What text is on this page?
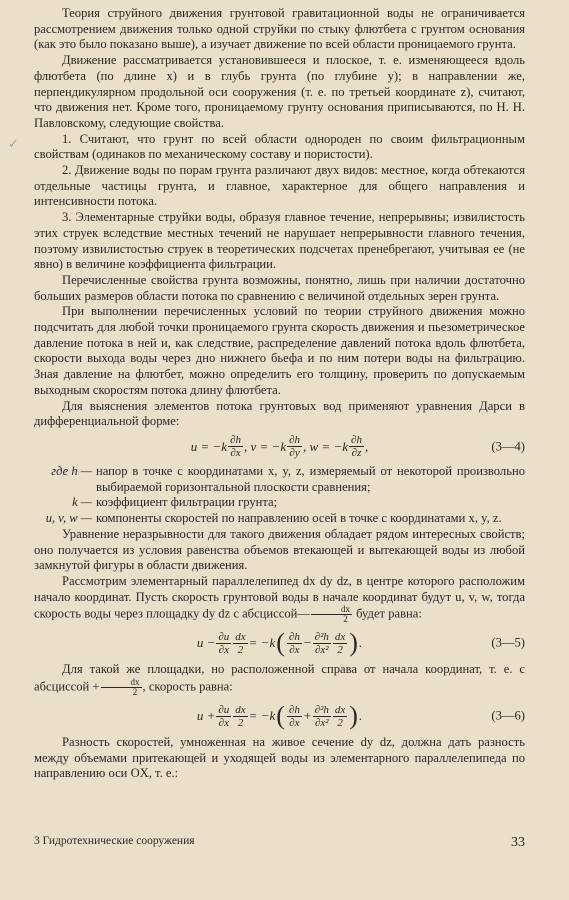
✓

Теория струйного движения грунтовой гравитационной воды не ограничивается рассмотрением движения только одной струйки по стыку флютбета с грунтом основания (как это было показано выше), а изучает движение по всей области проницаемого грунта.

Движение рассматривается установившееся и плоское, т. е. изменяющееся вдоль флютбета (по длине x) и в глубь грунта (по глубине y); в направлении же, перпендикулярном продольной оси сооружения (т. е. по третьей координате z), считают, что движения нет. Кроме того, проницаемому грунту основания приписываются, по Н. Н. Павловскому, следующие свойства.

1. Считают, что грунт по всей области однороден по своим фильтрационным свойствам (одинаков по механическому составу и пористости).

2. Движение воды по порам грунта различают двух видов: местное, когда обтекаются отдельные частицы грунта, и главное, характерное для общего направления и интенсивности потока.

3. Элементарные струйки воды, образуя главное течение, непрерывны; извилистость этих струек вследствие местных течений не нарушает непрерывности главного течения, поэтому извилистостью струек в теоретических подсчетах пренебрегают, учитывая ее (не явно) в величине коэффициента фильтрации.

Перечисленные свойства грунта возможны, понятно, лишь при наличии достаточно больших размеров области потока по сравнению с величиной отдельных зерен грунта.

При выполнении перечисленных условий по теории струйного движения можно подсчитать для любой точки проницаемого грунта скорость движения и пьезометрическое давление потока в ней и, как следствие, распределение давлений потока вдоль флютбета, скорости выхода воды через дно нижнего бьефа и по ним потери воды на фильтрацию. Зная давление на флютбет, можно определить его толщину, проверить по допускаемым выходным скоростям потока длину флютбета.

Для выяснения элементов потока грунтовых вод применяют уравнения Дарси в дифференциальной форме:

$u = -k \frac{\partial h}{\partial x}$ , $v = -k \frac{\partial h}{\partial y}$ , $w = -k \frac{\partial h}{\partial z}$ ,	(3—4)
где h — напор в точке с координатами x, y, z, измеряемый от некоторой произвольно выбираемой горизонтальной плоскости сравнения;
k — коэффициент фильтрации грунта;
u, v, w — компоненты скоростей по направлению осей в точке с координатами x, y, z.

Уравнение неразрывности для такого движения обладает рядом интересных свойств; оно получается из условия равенства объемов втекающей и вытекающей воды из любой замкнутой фигуры в области движения.

Рассмотрим элементарный параллелепипед dx dy dz, в центре которого расположим начало координат. Пусть скорость грунтовой воды в начале координат будут u, v, w, тогда скорость воды через площадку dy dz с абсциссой— $\frac{dx}{2}$ будет равна:

$u - \frac{\partial u}{\partial x} \frac{dx}{2} = -k$ ( $\frac{\partial h}{\partial x} - \frac{\text{∂²h}}{\text{∂x²}} \frac{dx}{2}$ ) .	(3—5)

Для такой же площадки, но расположенной справа от начала координат, т. е. с абсциссой + $\frac{dx}{2}$ , скорость равна:

$u + \frac{\partial u}{\partial x} \frac{dx}{2} = -k$ ( $\frac{\partial h}{\partial x} + \frac{\text{∂²h}}{\text{∂x²}} \frac{dx}{2}$ ) .	(3—6)

Разность скоростей, умноженная на живое сечение dy dz, должна дать разность между объемами притекающей и уходящей воды из элементарного параллелепипеда по направлению оси OX, т. е.:

3 Гидротехнические сооружения	33
